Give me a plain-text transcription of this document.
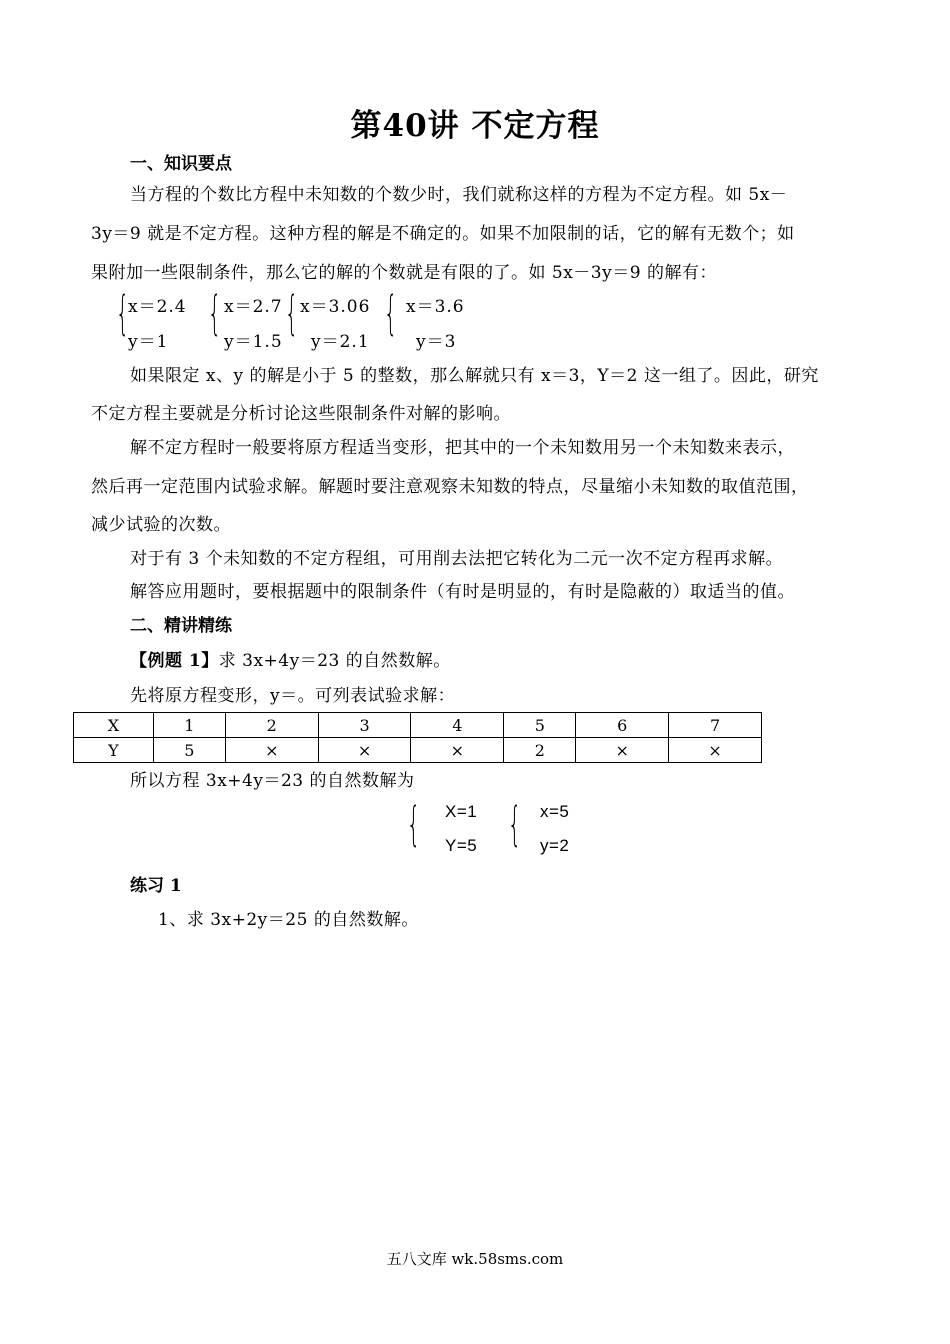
第40讲 不定方程
一、知识要点
当方程的个数比方程中未知数的个数少时，我们就称这样的方程为不定方程。如 5x－
3y＝9 就是不定方程。这种方程的解是不确定的。如果不加限制的话，它的解有无数个；如
果附加一些限制条件，那么它的解的个数就是有限的了。如 5x－3y＝9 的解有：
{
x＝2.4
y＝1
{ x＝2.7
y＝1.5
{ x＝3.06
y＝2.1
{ x＝3.6
y＝3
如果限定 x、y 的解是小于 5 的整数，那么解就只有 x＝3，Y＝2 这一组了。因此，研究
不定方程主要就是分析讨论这些限制条件对解的影响。
解不定方程时一般要将原方程适当变形，把其中的一个未知数用另一个未知数来表示，
然后再一定范围内试验求解。解题时要注意观察未知数的特点，尽量缩小未知数的取值范围，
减少试验的次数。
对于有 3 个未知数的不定方程组，可用削去法把它转化为二元一次不定方程再求解。
解答应用题时，要根据题中的限制条件（有时是明显的，有时是隐蔽的）取适当的值。
二、精讲精练
【例题 1】求 3x+4y＝23 的自然数解。
先将原方程变形，y＝。可列表试验求解：
X	1	2	3	4	5	6	7
Y	5	×	×	×	2	×	×
所以方程 3x+4y＝23 的自然数解为
{ X=1
Y=5 { x=5
y=2
练习 1
1、求 3x+2y＝25 的自然数解。
五八文库 wk.58sms.com
